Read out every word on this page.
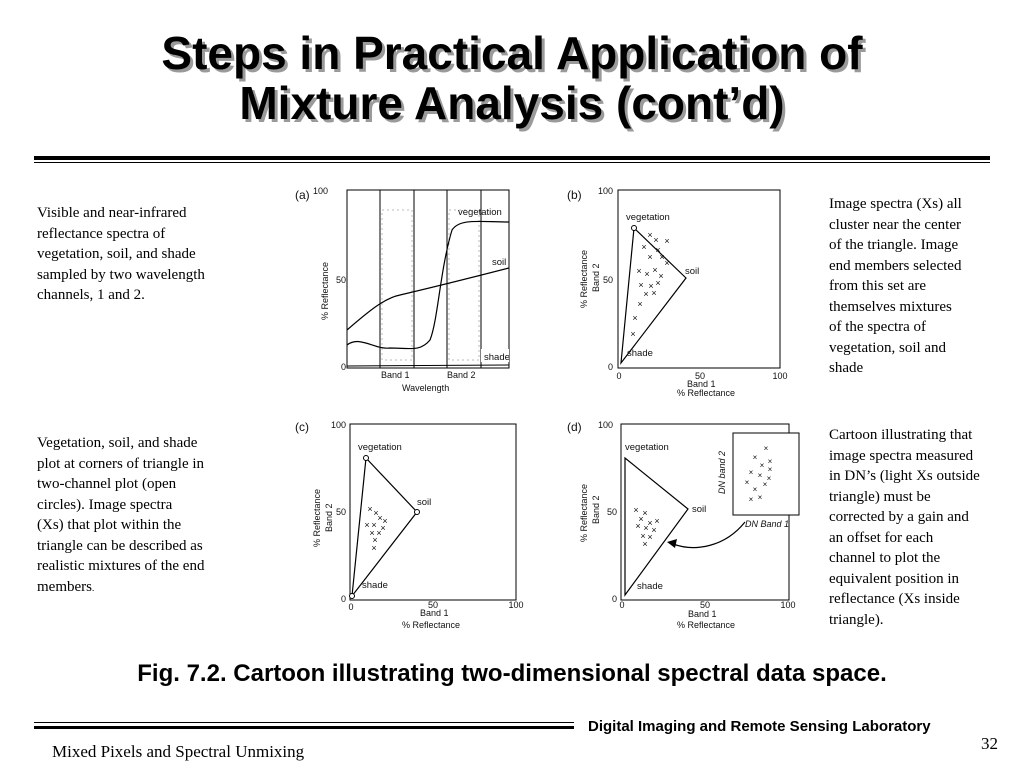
Steps in Practical Application of
Mixture Analysis (cont’d)
Visible and near-infrared
reflectance spectra of
vegetation, soil, and shade
sampled by two wavelength
channels, 1 and 2.
Image spectra (Xs) all
cluster near the center
of the triangle. Image
end members selected
from this set are
themselves mixtures
of the spectra of
vegetation, soil and
shade
Vegetation, soil, and shade
plot at corners of triangle in
two-channel plot (open
circles). Image spectra
(Xs) that plot within the
triangle can be described as
realistic mixtures of the end
members.
Cartoon illustrating that
image spectra measured
in DN’s (light Xs outside
triangle) must be
corrected by a gain and
an offset for each
channel to plot the
equivalent position in
reflectance (Xs inside
triangle).
(a) 100
50
0
% Reflectance
vegetation
soil
shade
Band 1	Band 2
Wavelength
(b) 100
50
0
% Reflectance Band 2
vegetation
soil
shade
× × ×
× ×
× ×
×
× × ×
×
× × ×
× ×
×
×
×
0	50	100
Band 1
% Reflectance
(c) 100
50
0
% Reflectance Band 2
vegetation
soil
shade
× ×
× ×
× × ×
× ×
×
×
0	50	100
Band 1
% Reflectance
(d) 100
50
0
% Reflectance Band 2
vegetation
soil
shade
× ×
× × ×
× × ×
× ×
×
×
× ×
×
× ×
× ×
× ×
×
×
×
DN band 2
DN Band 1
0	50	100
Band 1
% Reflectance
Fig. 7.2. Cartoon illustrating two-dimensional spectral data space.
Digital Imaging and Remote Sensing Laboratory
Mixed Pixels and Spectral Unmixing	32
